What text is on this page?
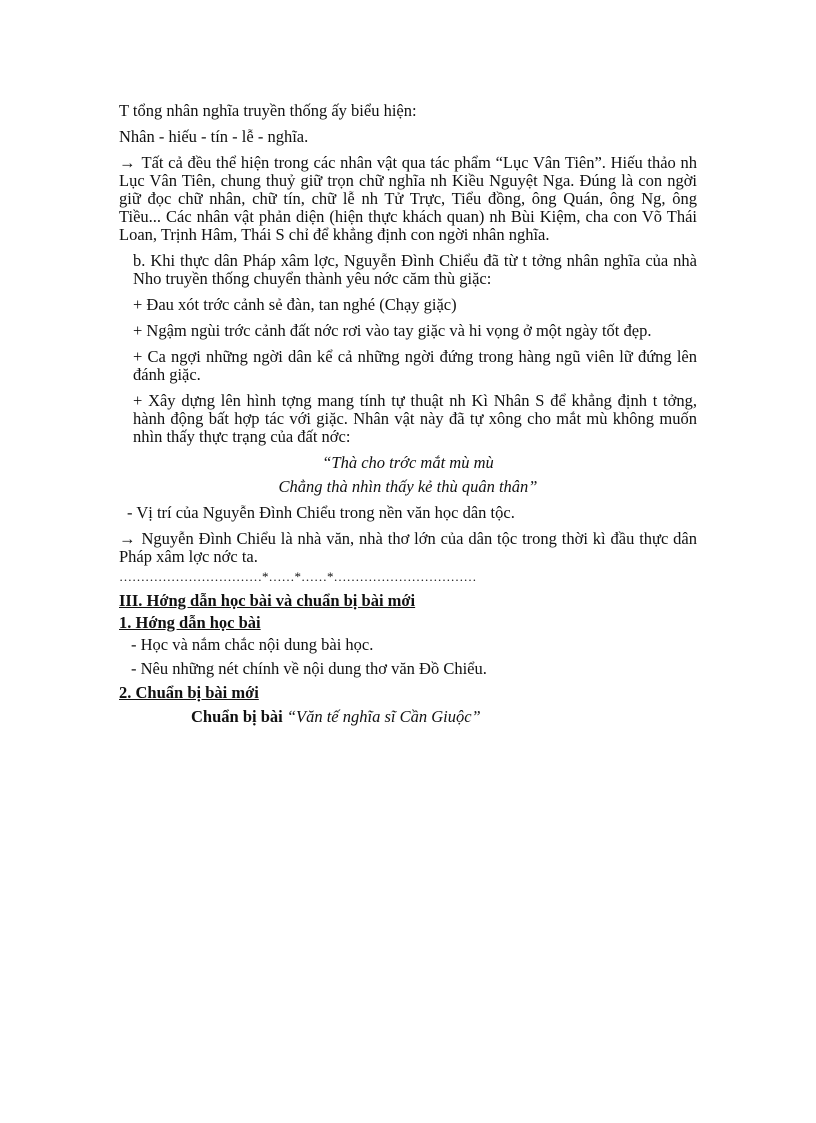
T tổng nhân nghĩa truyền thống ấy biểu hiện:

Nhân - hiếu - tín - lễ - nghĩa.

→ Tất cả đều thể hiện trong các nhân vật qua tác phẩm “Lục Vân Tiên”. Hiếu thảo nh Lục Vân Tiên, chung thuỷ giữ trọn chữ nghĩa nh Kiều Nguyệt Nga. Đúng là con ngời giữ đọc chữ nhân, chữ tín, chữ lễ nh Tử Trực, Tiểu đồng, ông Quán, ông Ng, ông Tiều... Các nhân vật phản diện (hiện thực khách quan) nh Bùi Kiệm, cha con Võ Thái Loan, Trịnh Hâm, Thái S chỉ để khẳng định con ngời nhân nghĩa.

b. Khi thực dân Pháp xâm lợc, Nguyễn Đình Chiểu đã từ t tởng nhân nghĩa của nhà Nho truyền thống chuyển thành yêu nớc căm thù giặc:

+ Đau xót trớc cảnh sẻ đàn, tan nghé (Chạy giặc)

+ Ngậm ngùi trớc cảnh đất nớc rơi vào tay giặc và hi vọng ở một ngày tốt đẹp.

+ Ca ngợi những ngời dân kể cả những ngời đứng trong hàng ngũ viên lữ đứng lên đánh giặc.

+ Xây dựng lên hình tợng mang tính tự thuật nh Kì Nhân S để khẳng định t tởng, hành động bất hợp tác với giặc. Nhân vật này đã tự xông cho mắt mù không muốn nhìn thấy thực trạng của đất nớc:

“Thà cho trớc mắt mù mù

Chẳng thà nhìn thấy kẻ thù quân thân”

- Vị trí của Nguyễn Đình Chiểu trong nền văn học dân tộc.

→ Nguyễn Đình Chiểu là nhà văn, nhà thơ lớn của dân tộc trong thời kì đầu thực dân Pháp xâm lợc nớc ta.

……………………………*……*……*……………………………

III. Hớng dẫn học bài và chuẩn bị bài mới

1. Hớng dẫn học bài

- Học và nắm chắc nội dung bài học.

- Nêu những nét chính về nội dung thơ văn Đồ Chiểu.

2. Chuẩn bị bài mới

Chuẩn bị bài “Văn tế nghĩa sĩ Cần Giuộc”
